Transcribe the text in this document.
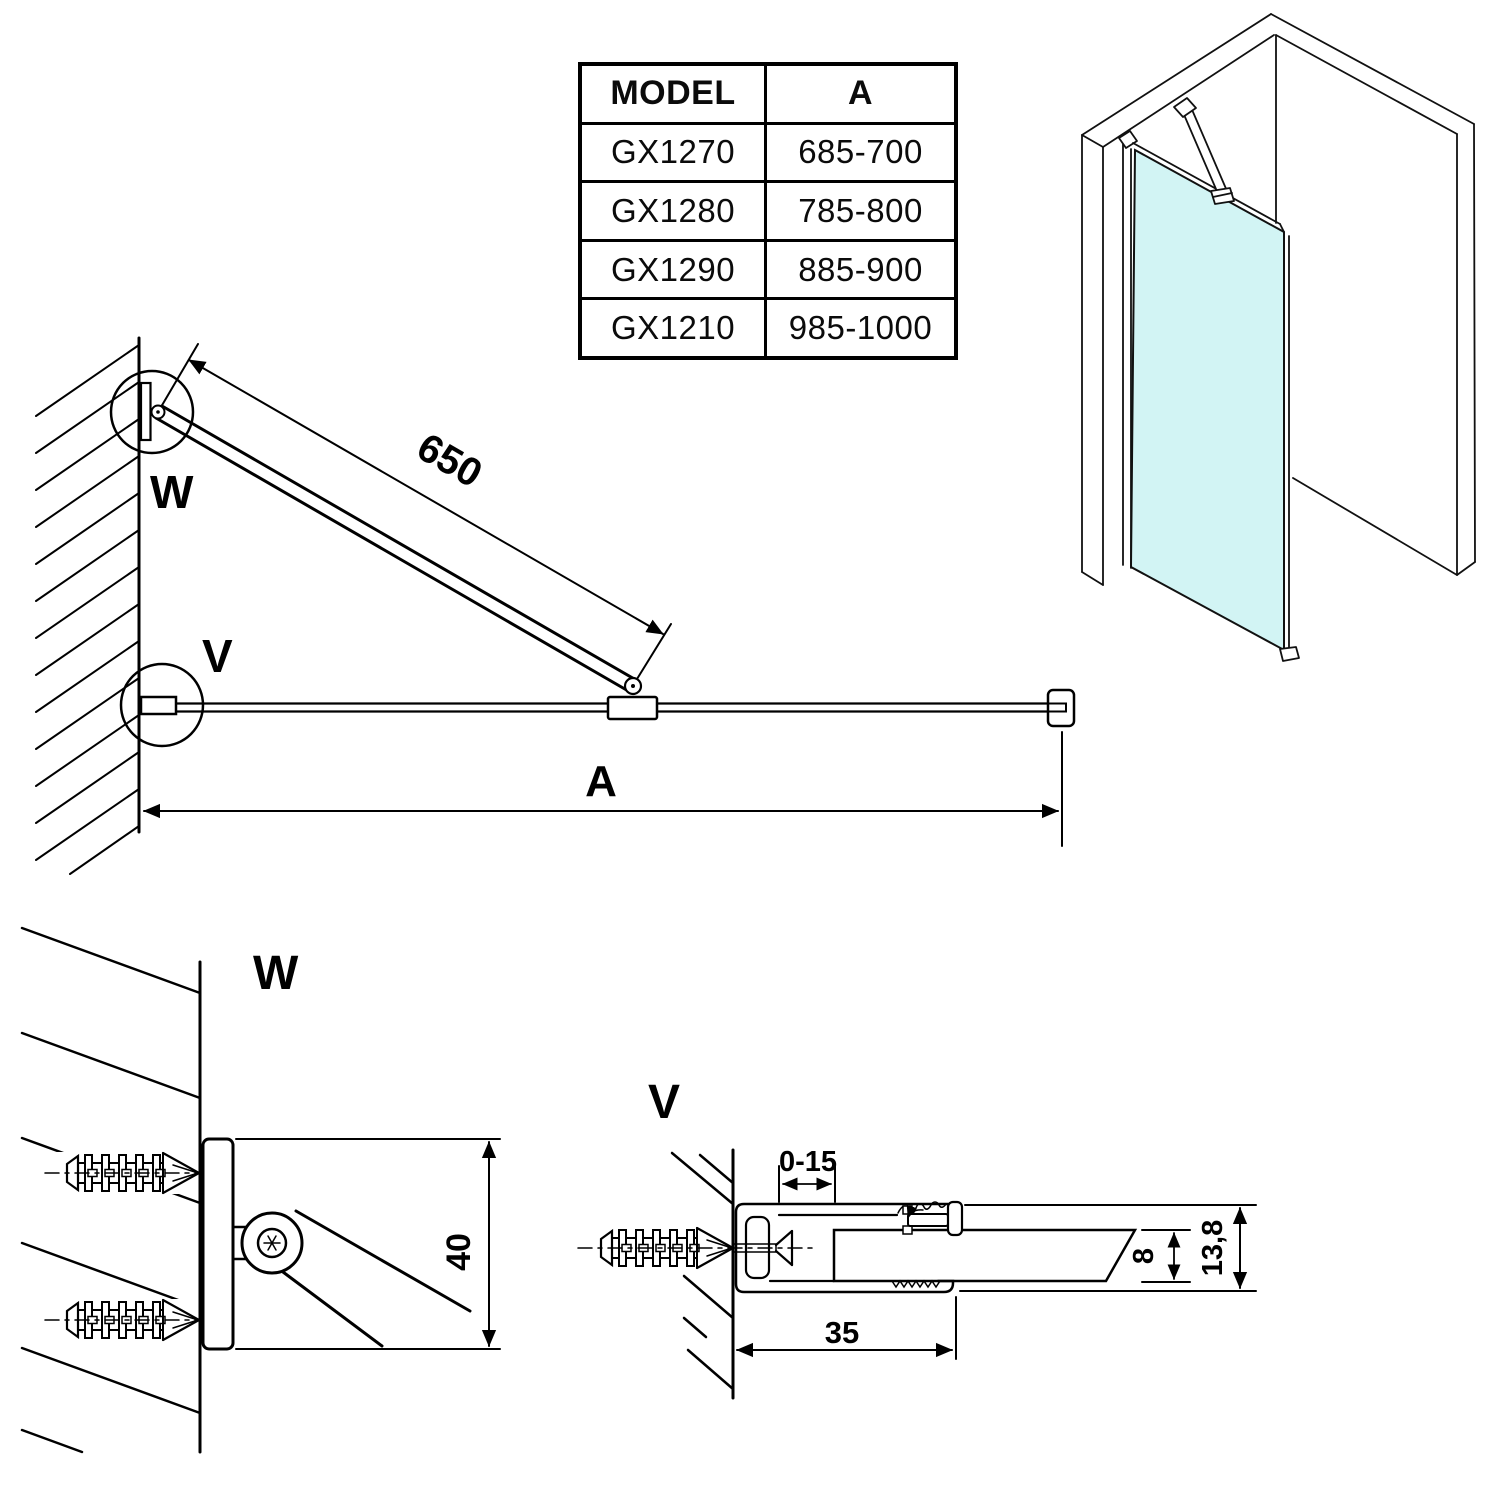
650
A
W
V
40
W
0-15
35
8 13,8
V
MODEL	A
GX1270	685-700
GX1280	785-800
GX1290	885-900
GX1210	985-1000
